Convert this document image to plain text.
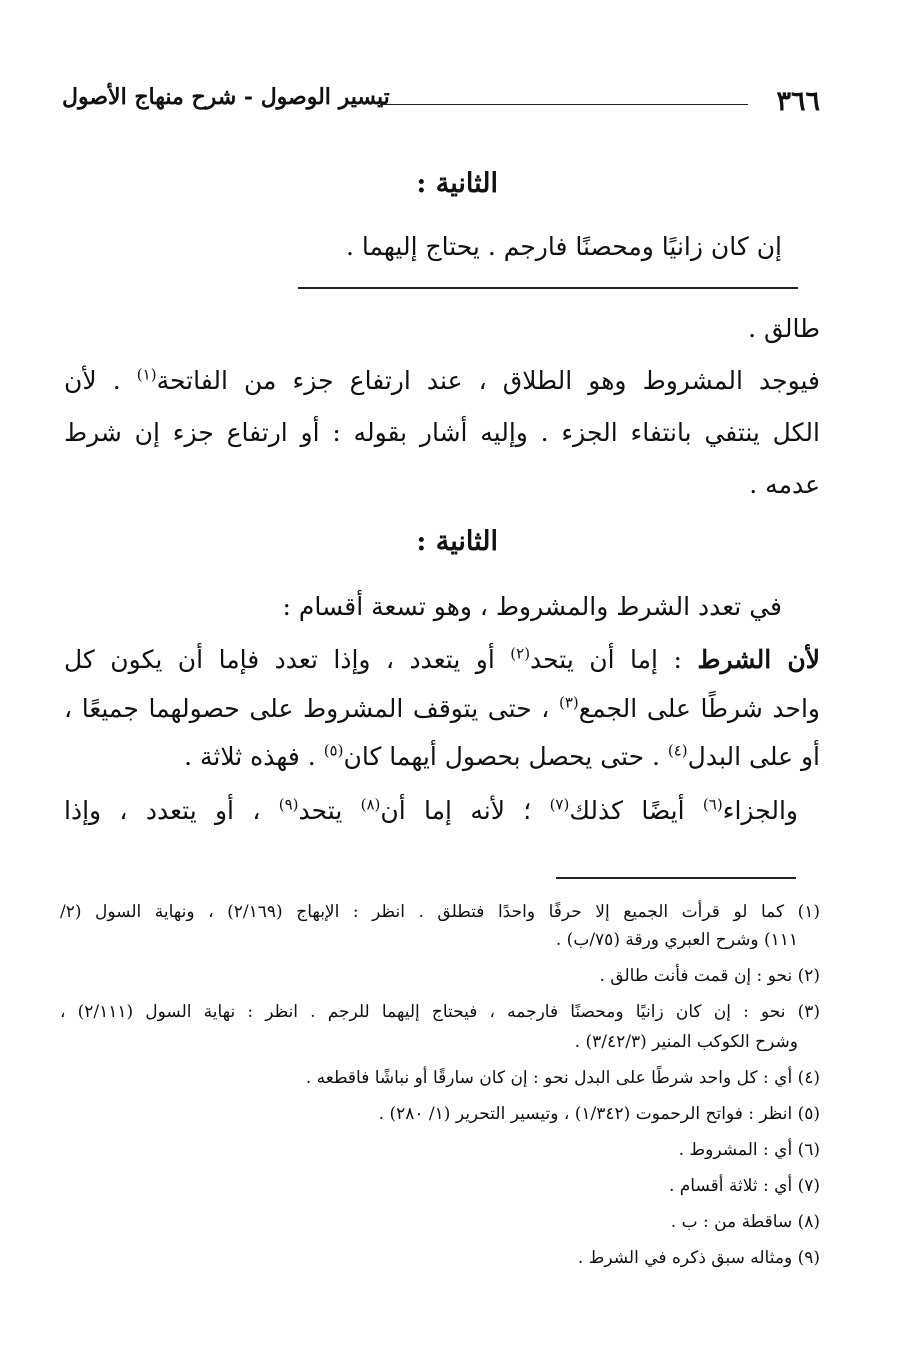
٣٦٦
تيسير الوصول - شرح منهاج الأصول
الثانية :
إن كان زانيًا ومحصنًا فارجم . يحتاج إليهما .
طالق .
فيوجد المشروط وهو الطلاق ، عند ارتفاع جزء من الفاتحة$^{(١)}$ . لأن
الكل ينتفي بانتفاء الجزء . وإليه أشار بقوله : أو ارتفاع جزء إن شرط
عدمه .
الثانية :
في تعدد الشرط والمشروط ، وهو تسعة أقسام :
لأن الشرط : إما أن يتحد$^{(٢)}$ أو يتعدد ، وإذا تعدد فإما أن يكون كل
واحد شرطًا على الجمع$^{(٣)}$ ، حتى يتوقف المشروط على حصولهما جميعًا ،
أو على البدل$^{(٤)}$ . حتى يحصل بحصول أيهما كان$^{(٥)}$ . فهذه ثلاثة .
والجزاء$^{(٦)}$ أيضًا كذلك$^{(٧)}$ ؛ لأنه إما أن$^{(٨)}$ يتحد$^{(٩)}$ ، أو يتعدد ، وإذا
(١) كما لو قرأت الجميع إلا حرفًا واحدًا فتطلق . انظر : الإبهاج (٢/١٦٩) ، ونهاية السول (٢/
١١١) وشرح العبري ورقة (٧٥/ب) .
(٢) نحو : إن قمت فأنت طالق .
(٣) نحو : إن كان زانيًا ومحصنًا فارجمه ، فيحتاج إليهما للرجم . انظر : نهاية السول (٢/١١١) ،
وشرح الكوكب المنير (٣/٤٢/٣) .
(٤) أي : كل واحد شرطًا على البدل نحو : إن كان سارقًا أو نباشًا فاقطعه .
(٥) انظر : فواتح الرحموت (١/٣٤٢) ، وتيسير التحرير (١/ ٢٨٠) .
(٦) أي : المشروط .
(٧) أي : ثلاثة أقسام .
(٨) ساقطة من : ب .
(٩) ومثاله سبق ذكره في الشرط .
